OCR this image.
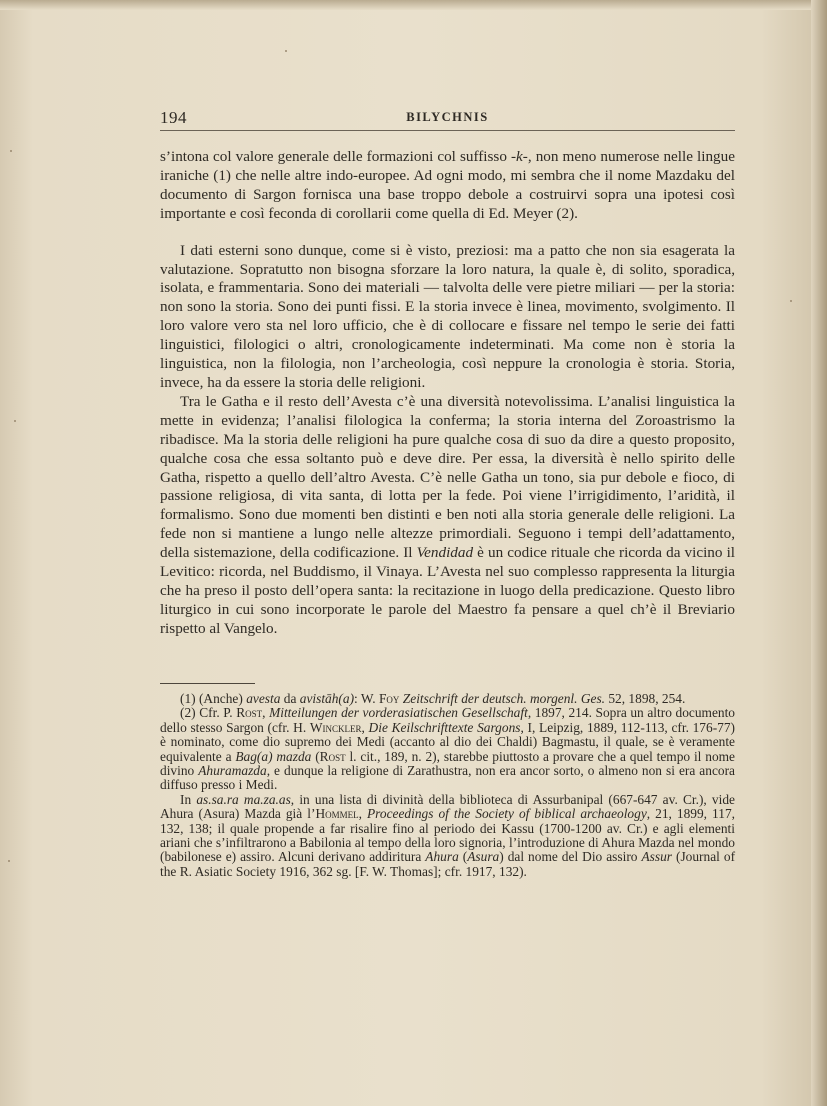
194	BILYCHNIS

s’intona col valore generale delle formazioni col suffisso -k-, non meno numerose nelle lingue iraniche (1) che nelle altre indo-europee. Ad ogni modo, mi sembra che il nome Mazdaku del documento di Sargon fornisca una base troppo debole a costruirvi sopra una ipotesi così importante e così feconda di corollarii come quella di Ed. Meyer (2).

I dati esterni sono dunque, come si è visto, preziosi: ma a patto che non sia esagerata la valutazione. Sopratutto non bisogna sforzare la loro natura, la quale è, di solito, sporadica, isolata, e frammentaria. Sono dei materiali — talvolta delle vere pietre miliari — per la storia: non sono la storia. Sono dei punti fissi. E la storia invece è linea, movimento, svolgimento. Il loro valore vero sta nel loro ufficio, che è di collocare e fissare nel tempo le serie dei fatti linguistici, filologici o altri, cronologicamente indeterminati. Ma come non è storia la linguistica, non la filologia, non l’archeologia, così neppure la cronologia è storia. Storia, invece, ha da essere la storia delle religioni.

Tra le Gatha e il resto dell’Avesta c’è una diversità notevolissima. L’analisi linguistica la mette in evidenza; l’analisi filologica la conferma; la storia interna del Zoroastrismo la ribadisce. Ma la storia delle religioni ha pure qualche cosa di suo da dire a questo proposito, qualche cosa che essa soltanto può e deve dire. Per essa, la diversità è nello spirito delle Gatha, rispetto a quello dell’altro Avesta. C’è nelle Gatha un tono, sia pur debole e fioco, di passione religiosa, di vita santa, di lotta per la fede. Poi viene l’irrigidimento, l’aridità, il formalismo. Sono due momenti ben distinti e ben noti alla storia generale delle religioni. La fede non si mantiene a lungo nelle altezze primordiali. Seguono i tempi dell’adattamento, della sistemazione, della codificazione. Il Vendidad è un codice rituale che ricorda da vicino il Levitico: ricorda, nel Buddismo, il Vinaya. L’Avesta nel suo complesso rappresenta la liturgia che ha preso il posto dell’opera santa: la recitazione in luogo della predicazione. Questo libro liturgico in cui sono incorporate le parole del Maestro fa pensare a quel ch’è il Breviario rispetto al Vangelo.

(1) (Anche) avesta da avistāh(a): W. Foy Zeitschrift der deutsch. morgenl. Ges. 52, 1898, 254.

(2) Cfr. P. Rost, Mitteilungen der vorderasiatischen Gesellschaft, 1897, 214. Sopra un altro documento dello stesso Sargon (cfr. H. Winckler, Die Keilschrifttexte Sargons, I, Leipzig, 1889, 112-113, cfr. 176-77) è nominato, come dio supremo dei Medi (accanto al dio dei Chaldi) Bagmastu, il quale, se è veramente equivalente a Bag(a) mazda (Rost l. cit., 189, n. 2), starebbe piuttosto a provare che a quel tempo il nome divino Ahuramazda, e dunque la religione di Zarathustra, non era ancor sorto, o almeno non si era ancora diffuso presso i Medi.

In as.sa.ra ma.za.as, in una lista di divinità della biblioteca di Assurbanipal (667-647 av. Cr.), vide Ahura (Asura) Mazda già l’Hommel, Proceedings of the Society of biblical archaeology, 21, 1899, 117, 132, 138; il quale propende a far risalire fino al periodo dei Kassu (1700-1200 av. Cr.) e agli elementi ariani che s’infiltrarono a Babilonia al tempo della loro signoria, l’introduzione di Ahura Mazda nel mondo (babilonese e) assiro. Alcuni derivano addiritura Ahura (Asura) dal nome del Dio assiro Assur (Journal of the R. Asiatic Society 1916, 362 sg. [F. W. Thomas]; cfr. 1917, 132).
